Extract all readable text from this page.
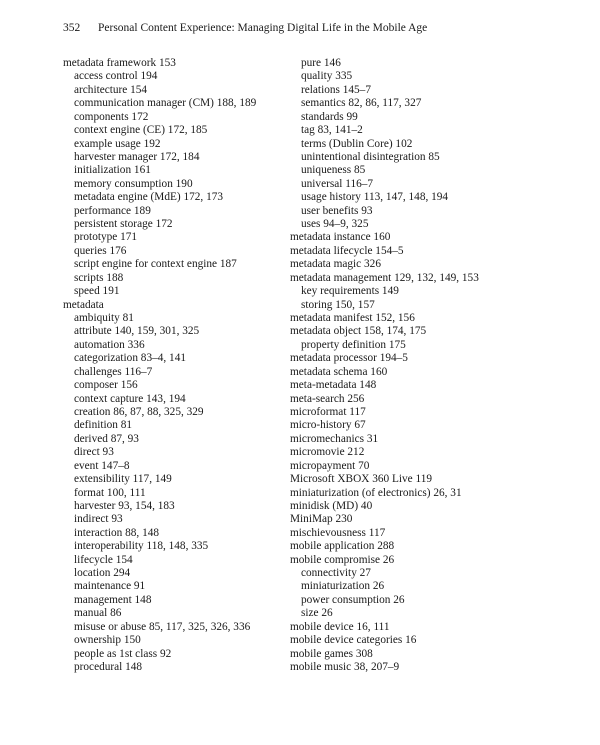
352 Personal Content Experience: Managing Digital Life in the Mobile Age
metadata framework 153
access control 194
architecture 154
communication manager (CM) 188, 189
components 172
context engine (CE) 172, 185
example usage 192
harvester manager 172, 184
initialization 161
memory consumption 190
metadata engine (MdE) 172, 173
performance 189
persistent storage 172
prototype 171
queries 176
script engine for context engine 187
scripts 188
speed 191
metadata
ambiquity 81
attribute 140, 159, 301, 325
automation 336
categorization 83–4, 141
challenges 116–7
composer 156
context capture 143, 194
creation 86, 87, 88, 325, 329
definition 81
derived 87, 93
direct 93
event 147–8
extensibility 117, 149
format 100, 111
harvester 93, 154, 183
indirect 93
interaction 88, 148
interoperability 118, 148, 335
lifecycle 154
location 294
maintenance 91
management 148
manual 86
misuse or abuse 85, 117, 325, 326, 336
ownership 150
people as 1st class 92
procedural 148
pure 146
quality 335
relations 145–7
semantics 82, 86, 117, 327
standards 99
tag 83, 141–2
terms (Dublin Core) 102
unintentional disintegration 85
uniqueness 85
universal 116–7
usage history 113, 147, 148, 194
user benefits 93
uses 94–9, 325
metadata instance 160
metadata lifecycle 154–5
metadata magic 326
metadata management 129, 132, 149, 153
key requirements 149
storing 150, 157
metadata manifest 152, 156
metadata object 158, 174, 175
property definition 175
metadata processor 194–5
metadata schema 160
meta-metadata 148
meta-search 256
microformat 117
micro-history 67
micromechanics 31
micromovie 212
micropayment 70
Microsoft XBOX 360 Live 119
miniaturization (of electronics) 26, 31
minidisk (MD) 40
MiniMap 230
mischievousness 117
mobile application 288
mobile compromise 26
connectivity 27
miniaturization 26
power consumption 26
size 26
mobile device 16, 111
mobile device categories 16
mobile games 308
mobile music 38, 207–9
